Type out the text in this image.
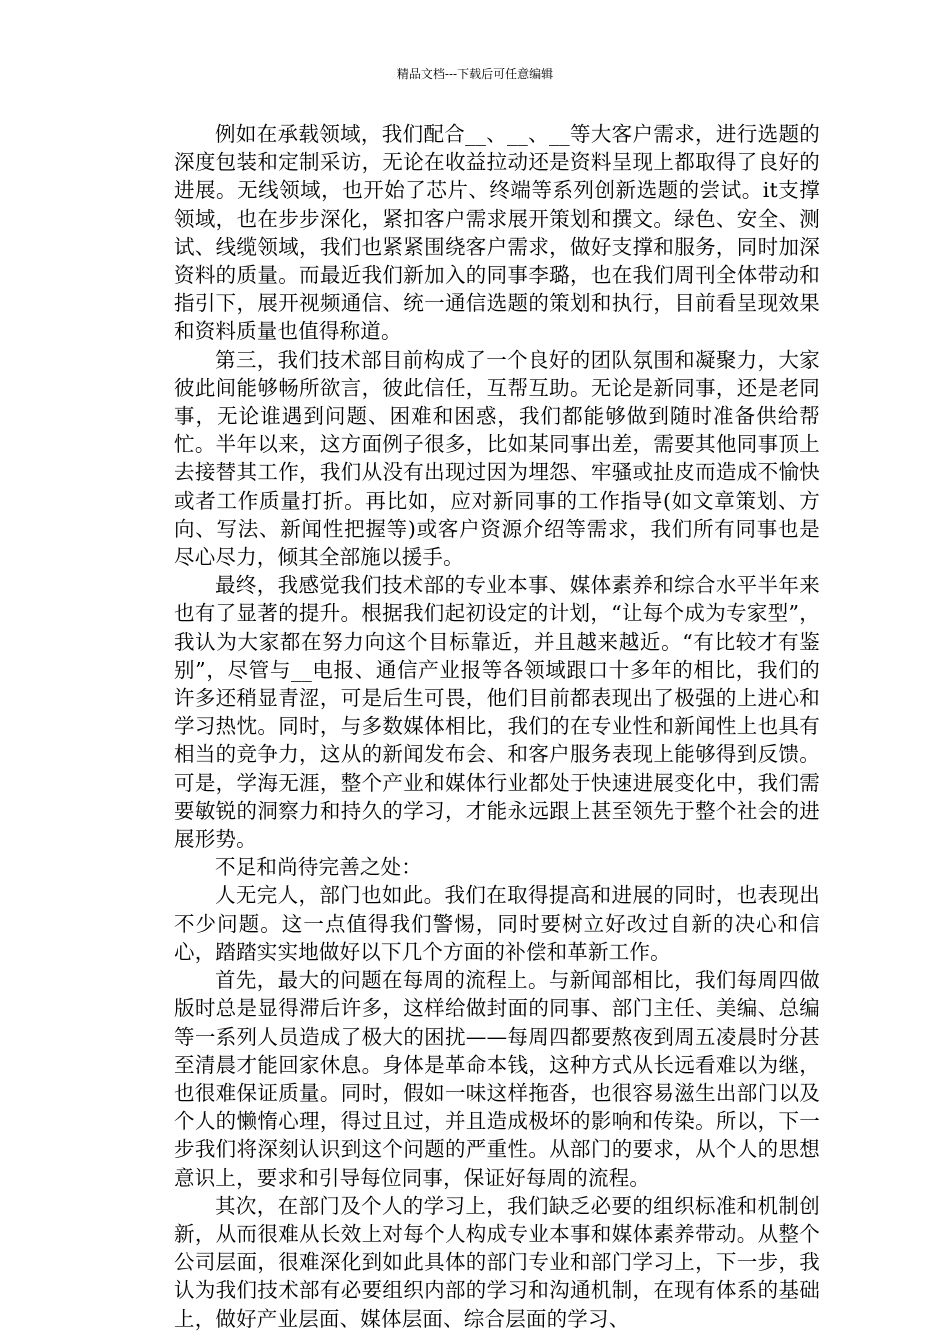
精品文档---下载后可任意编辑

例如在承载领域，我们配合__、__、__等大客户需求，进行选题的深度包装和定制采访，无论在收益拉动还是资料呈现上都取得了良好的进展。无线领域，也开始了芯片、终端等系列创新选题的尝试。it支撑领域，也在步步深化，紧扣客户需求展开策划和撰文。绿色、安全、测试、线缆领域，我们也紧紧围绕客户需求，做好支撑和服务，同时加深资料的质量。而最近我们新加入的同事李璐，也在我们周刊全体带动和指引下，展开视频通信、统一通信选题的策划和执行，目前看呈现效果和资料质量也值得称道。

第三，我们技术部目前构成了一个良好的团队氛围和凝聚力，大家彼此间能够畅所欲言，彼此信任，互帮互助。无论是新同事，还是老同事，无论谁遇到问题、困难和困惑，我们都能够做到随时准备供给帮忙。半年以来，这方面例子很多，比如某同事出差，需要其他同事顶上去接替其工作，我们从没有出现过因为埋怨、牢骚或扯皮而造成不愉快或者工作质量打折。再比如，应对新同事的工作指导(如文章策划、方向、写法、新闻性把握等)或客户资源介绍等需求，我们所有同事也是尽心尽力，倾其全部施以援手。

最终，我感觉我们技术部的专业本事、媒体素养和综合水平半年来也有了显著的提升。根据我们起初设定的计划，“让每个成为专家型”，我认为大家都在努力向这个目标靠近，并且越来越近。“有比较才有鉴别”，尽管与__电报、通信产业报等各领域跟口十多年的相比，我们的许多还稍显青涩，可是后生可畏，他们目前都表现出了极强的上进心和学习热忱。同时，与多数媒体相比，我们的在专业性和新闻性上也具有相当的竞争力，这从的新闻发布会、和客户服务表现上能够得到反馈。可是，学海无涯，整个产业和媒体行业都处于快速进展变化中，我们需要敏锐的洞察力和持久的学习，才能永远跟上甚至领先于整个社会的进展形势。

不足和尚待完善之处：

人无完人，部门也如此。我们在取得提高和进展的同时，也表现出不少问题。这一点值得我们警惕，同时要树立好改过自新的决心和信心，踏踏实实地做好以下几个方面的补偿和革新工作。

首先，最大的问题在每周的流程上。与新闻部相比，我们每周四做版时总是显得滞后许多，这样给做封面的同事、部门主任、美编、总编等一系列人员造成了极大的困扰——每周四都要熬夜到周五凌晨时分甚至清晨才能回家休息。身体是革命本钱，这种方式从长远看难以为继，也很难保证质量。同时，假如一味这样拖沓，也很容易滋生出部门以及个人的懒惰心理，得过且过，并且造成极坏的影响和传染。所以，下一步我们将深刻认识到这个问题的严重性。从部门的要求，从个人的思想意识上，要求和引导每位同事，保证好每周的流程。

其次，在部门及个人的学习上，我们缺乏必要的组织标准和机制创新，从而很难从长效上对每个人构成专业本事和媒体素养带动。从整个公司层面，很难深化到如此具体的部门专业和部门学习上，下一步，我认为我们技术部有必要组织内部的学习和沟通机制，在现有体系的基础上，做好产业层面、媒体层面、综合层面的学习、
